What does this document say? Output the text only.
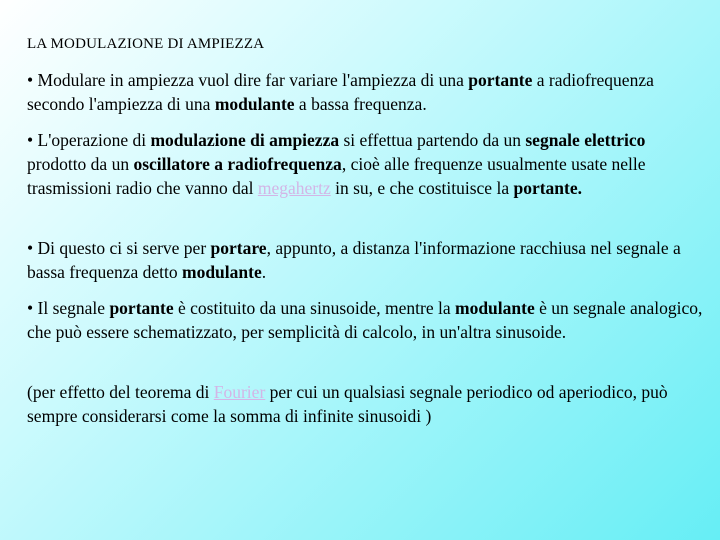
LA MODULAZIONE DI AMPIEZZA
• Modulare in ampiezza vuol dire far variare l'ampiezza di una portante a radiofrequenza secondo l'ampiezza di una modulante a bassa frequenza.
• L'operazione di modulazione di ampiezza si effettua partendo da un segnale elettrico prodotto da un oscillatore a radiofrequenza, cioè alle frequenze usualmente usate nelle trasmissioni radio che vanno dal megahertz in su, e che costituisce la portante.
• Di questo ci si serve per portare, appunto, a distanza l'informazione racchiusa nel segnale a bassa frequenza detto modulante.
• Il segnale portante è costituito da una sinusoide, mentre la modulante è un segnale analogico, che può essere schematizzato, per semplicità di calcolo, in un'altra sinusoide.
(per effetto del teorema di Fourier per cui un qualsiasi segnale periodico od aperiodico, può sempre considerarsi come la somma di infinite sinusoidi )
